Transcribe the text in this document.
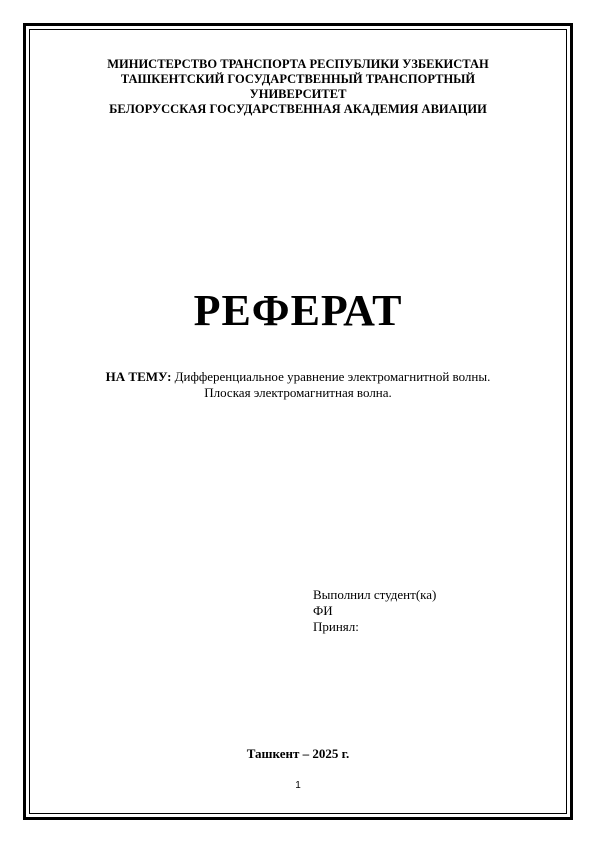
МИНИСТЕРСТВО ТРАНСПОРТА РЕСПУБЛИКИ УЗБЕКИСТАН
ТАШКЕНТСКИЙ ГОСУДАРСТВЕННЫЙ ТРАНСПОРТНЫЙ
УНИВЕРСИТЕТ
БЕЛОРУССКАЯ ГОСУДАРСТВЕННАЯ АКАДЕМИЯ АВИАЦИИ
РЕФЕРАТ
НА ТЕМУ: Дифференциальное уравнение электромагнитной волны.
Плоская электромагнитная волна.
Выполнил студент(ка)
ФИ
Принял:
Ташкент – 2025 г.
1
